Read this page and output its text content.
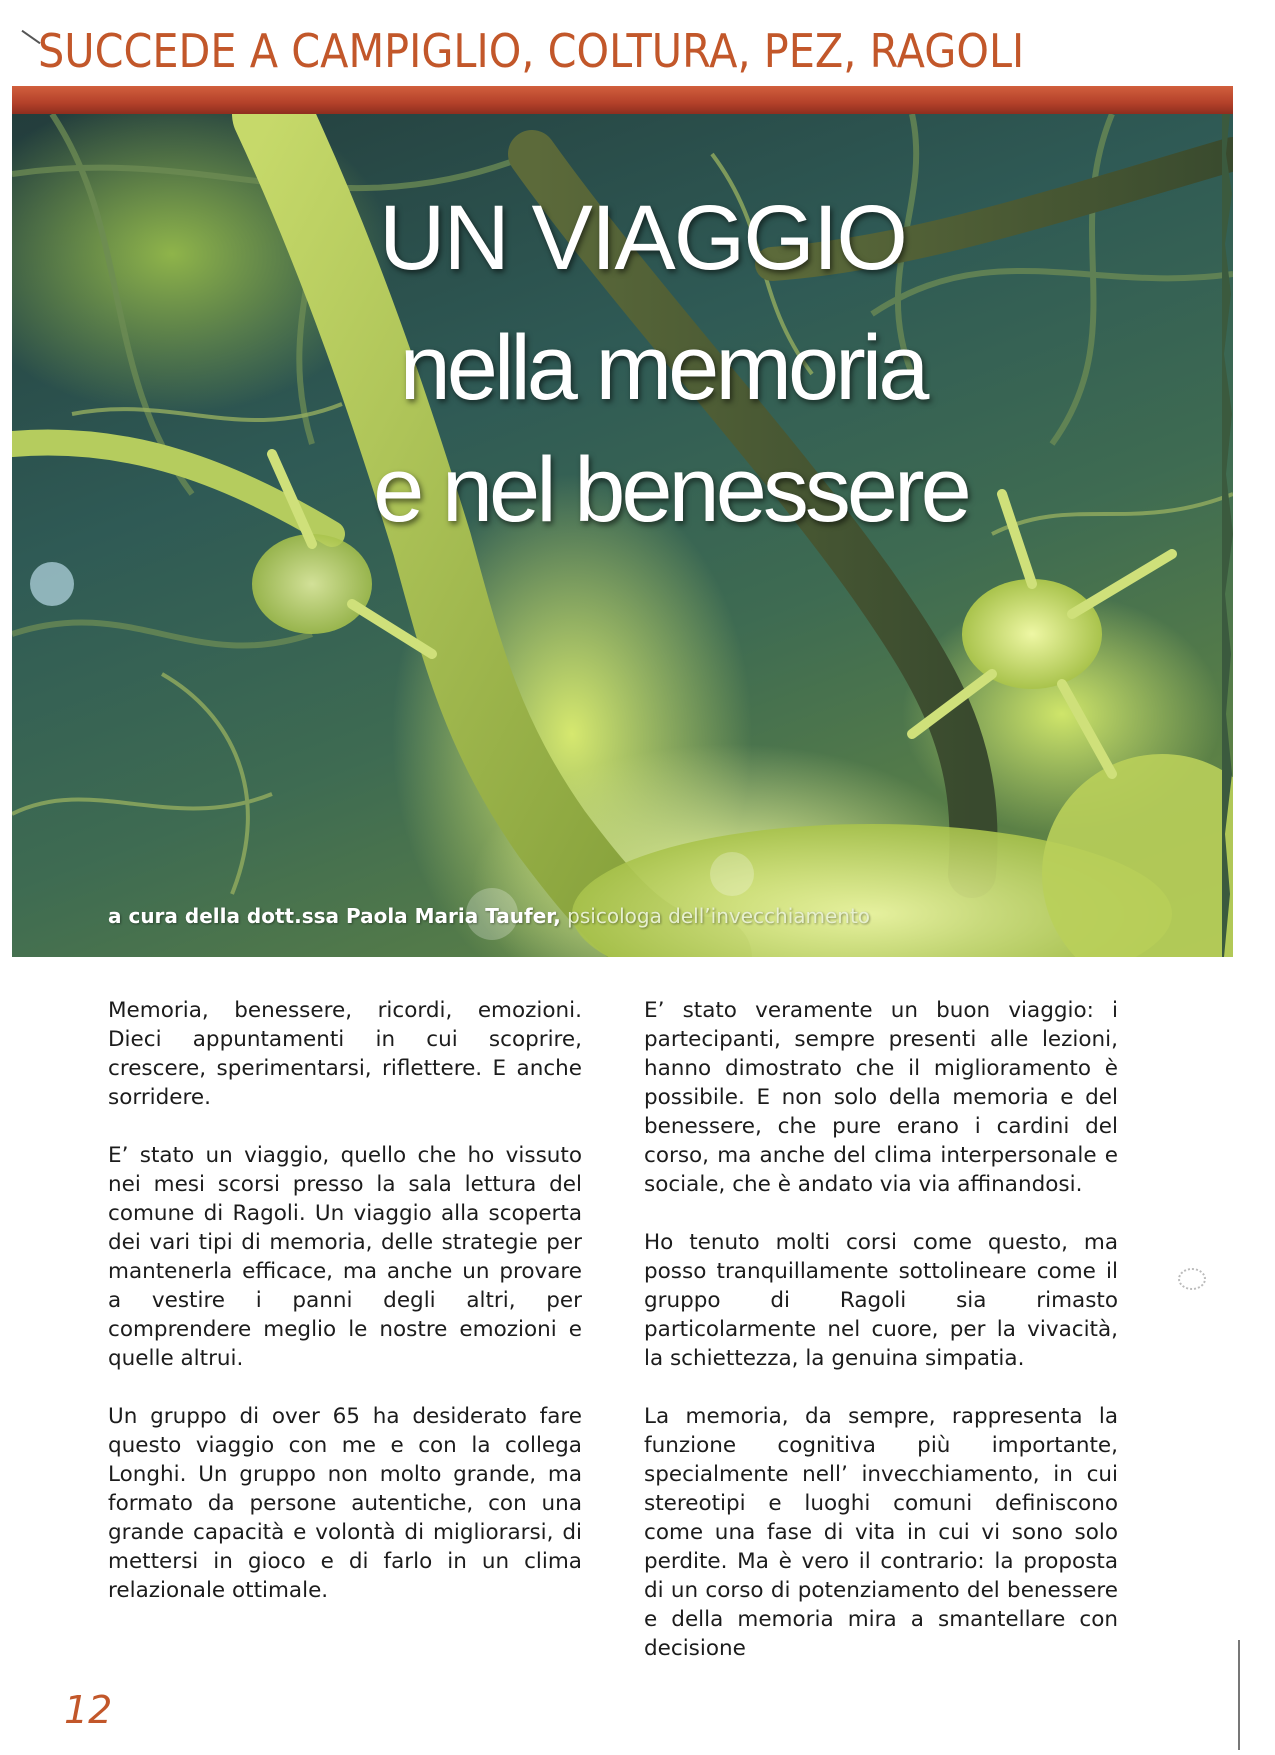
SUCCEDE A CAMPIGLIO, COLTURA, PEZ, RAGOLI
UN VIAGGIO
nella memoria
e nel benessere
a cura della dott.ssa Paola Maria Taufer, psicologa dell’invecchiamento

Memoria, benessere, ricordi, emozioni. Dieci appuntamenti in cui scoprire, crescere, sperimentarsi, riflettere. E anche sorridere.

E’ stato un viaggio, quello che ho vissuto nei mesi scorsi presso la sala lettura del comune di Ragoli. Un viaggio alla scoperta dei vari tipi di memoria, delle strategie per mantenerla efficace, ma anche un provare a vestire i panni degli altri, per comprendere meglio le nostre emozioni e quelle altrui.

Un gruppo di over 65 ha desiderato fare questo viaggio con me e con la collega Longhi. Un gruppo non molto grande, ma formato da persone autentiche, con una grande capacità e volontà di migliorarsi, di mettersi in gioco e di farlo in un clima relazionale ottimale.

E’ stato veramente un buon viaggio: i partecipanti, sempre presenti alle lezioni, hanno dimostrato che il miglioramento è possibile. E non solo della memoria e del benessere, che pure erano i cardini del corso, ma anche del clima interpersonale e sociale, che è andato via via affinandosi.

Ho tenuto molti corsi come questo, ma posso tranquillamente sottolineare come il gruppo di Ragoli sia rimasto particolarmente nel cuore, per la vivacità, la schiettezza, la genuina simpatia.

La memoria, da sempre, rappresenta la funzione cognitiva più importante, specialmente nell’ invecchiamento, in cui stereotipi e luoghi comuni definiscono come una fase di vita in cui vi sono solo perdite. Ma è vero il contrario: la proposta di un corso di potenziamento del benessere e della memoria mira a smantellare con decisione

12
